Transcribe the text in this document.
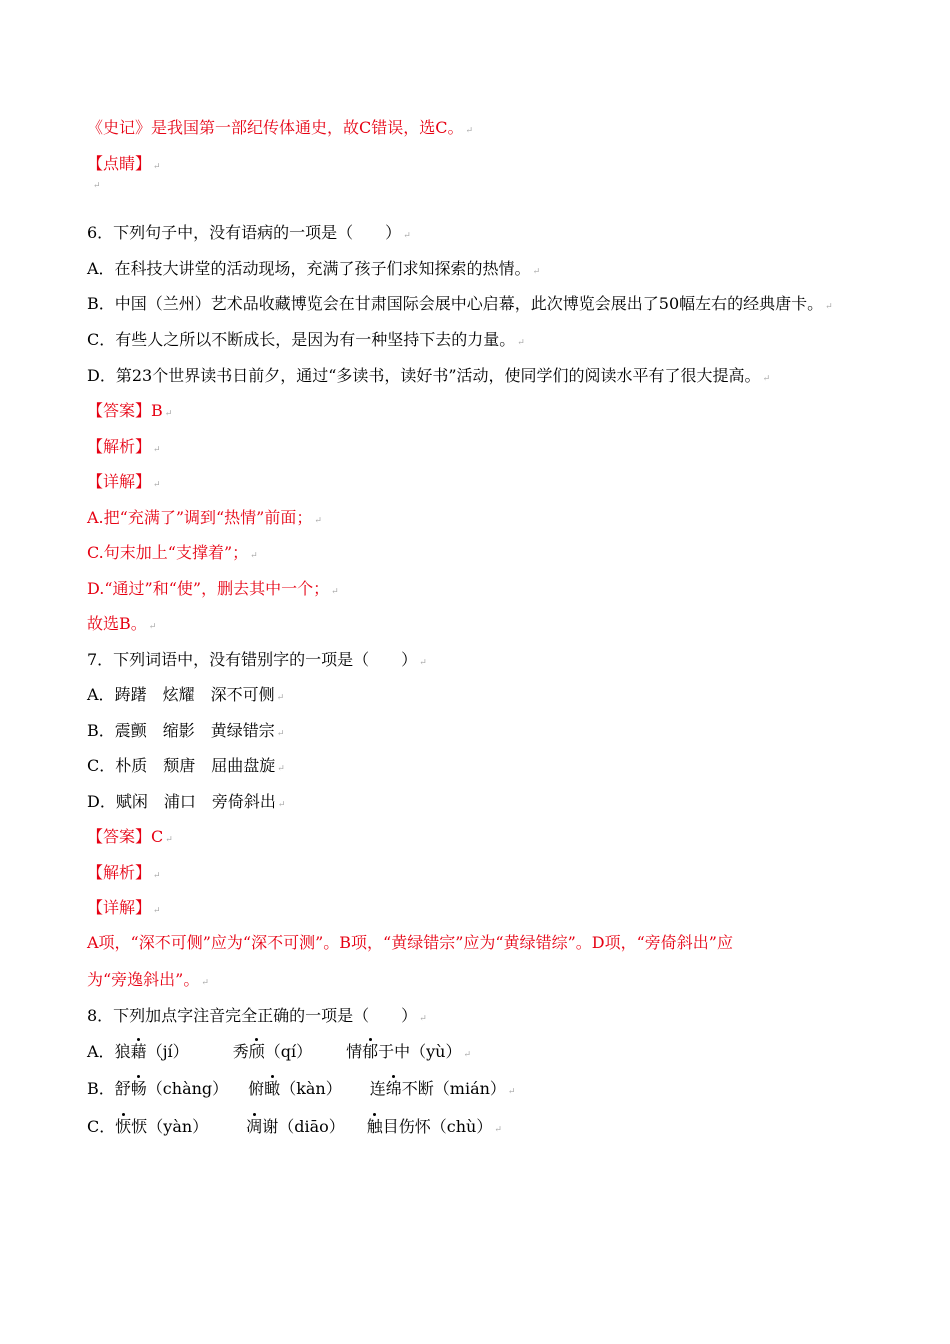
《史记》是我国第一部纪传体通史，故C错误，选C。 ↵
【点睛】 ↵
↵
6．下列句子中，没有语病的一项是（　　） ↵
A．在科技大讲堂的活动现场，充满了孩子们求知探索的热情。 ↵
B．中国（兰州）艺术品收藏博览会在甘肃国际会展中心启幕，此次博览会展出了50幅左右的经典唐卡。 ↵
C．有些人之所以不断成长，是因为有一种坚持下去的力量。 ↵
D．第23个世界读书日前夕，通过“多读书，读好书”活动，使同学们的阅读水平有了很大提高。 ↵
【答案】B ↵
【解析】 ↵
【详解】 ↵
A.把“充满了”调到“热情”前面； ↵
C.句末加上“支撑着”； ↵
D.“通过”和“使”，删去其中一个； ↵
故选B。 ↵
7．下列词语中，没有错别字的一项是（　　） ↵
A．踌躇 炫耀 深不可侧 ↵
B．震颤 缩影 黄绿错宗 ↵
C．朴质 颓唐 屈曲盘旋 ↵
D．赋闲 浦口 旁倚斜出 ↵
【答案】C ↵
【解析】 ↵
【详解】 ↵
A项，“深不可侧”应为“深不可测”。B项，“黄绿错宗”应为“黄绿错综”。D项，“旁倚斜出”应
为“旁逸斜出”。 ↵
8．下列加点字注音完全正确的一项是（　　） ↵
A．狼藉（jí）	秀颀（qí） 情郁于中（yù） ↵
B．舒畅（chàng） 俯瞰（kàn） 连绵不断（mián） ↵
C．恹恹（yàn） 凋谢（diāo） 触目伤怀（chù） ↵
